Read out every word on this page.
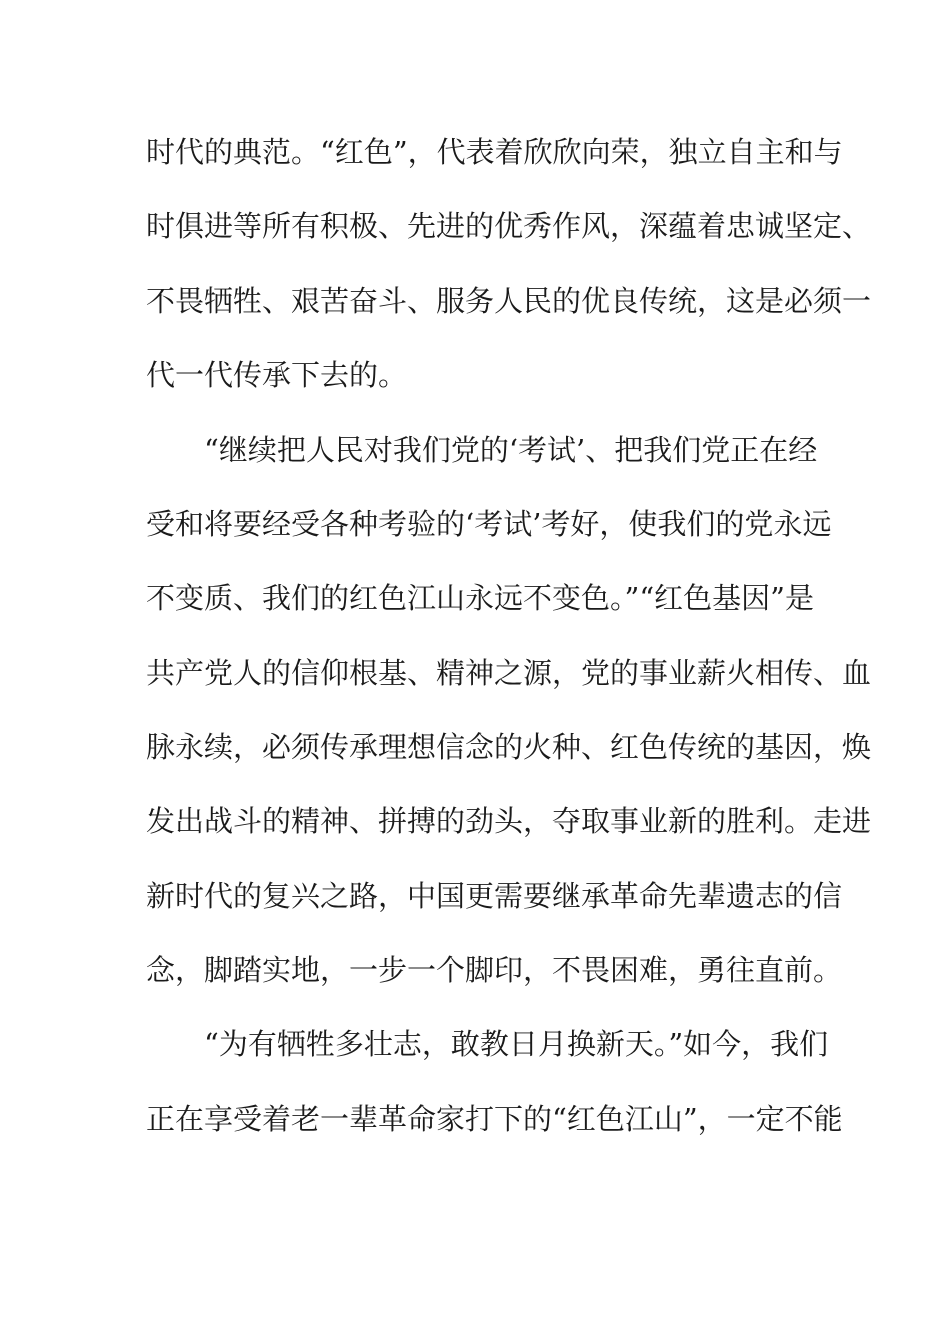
时代的典范。“红色”，代表着欣欣向荣，独立自主和与
时俱进等所有积极、先进的优秀作风，深蕴着忠诚坚定、
不畏牺牲、艰苦奋斗、服务人民的优良传统，这是必须一
代一代传承下去的。
“继续把人民对我们党的‘考试’、把我们党正在经
受和将要经受各种考验的‘考试’考好，使我们的党永远
不变质、我们的红色江山永远不变色。”“红色基因”是
共产党人的信仰根基、精神之源，党的事业薪火相传、血
脉永续，必须传承理想信念的火种、红色传统的基因，焕
发出战斗的精神、拼搏的劲头，夺取事业新的胜利。走进
新时代的复兴之路，中国更需要继承革命先辈遗志的信
念，脚踏实地，一步一个脚印，不畏困难，勇往直前。
“为有牺牲多壮志，敢教日月换新天。”如今，我们
正在享受着老一辈革命家打下的“红色江山”，一定不能
